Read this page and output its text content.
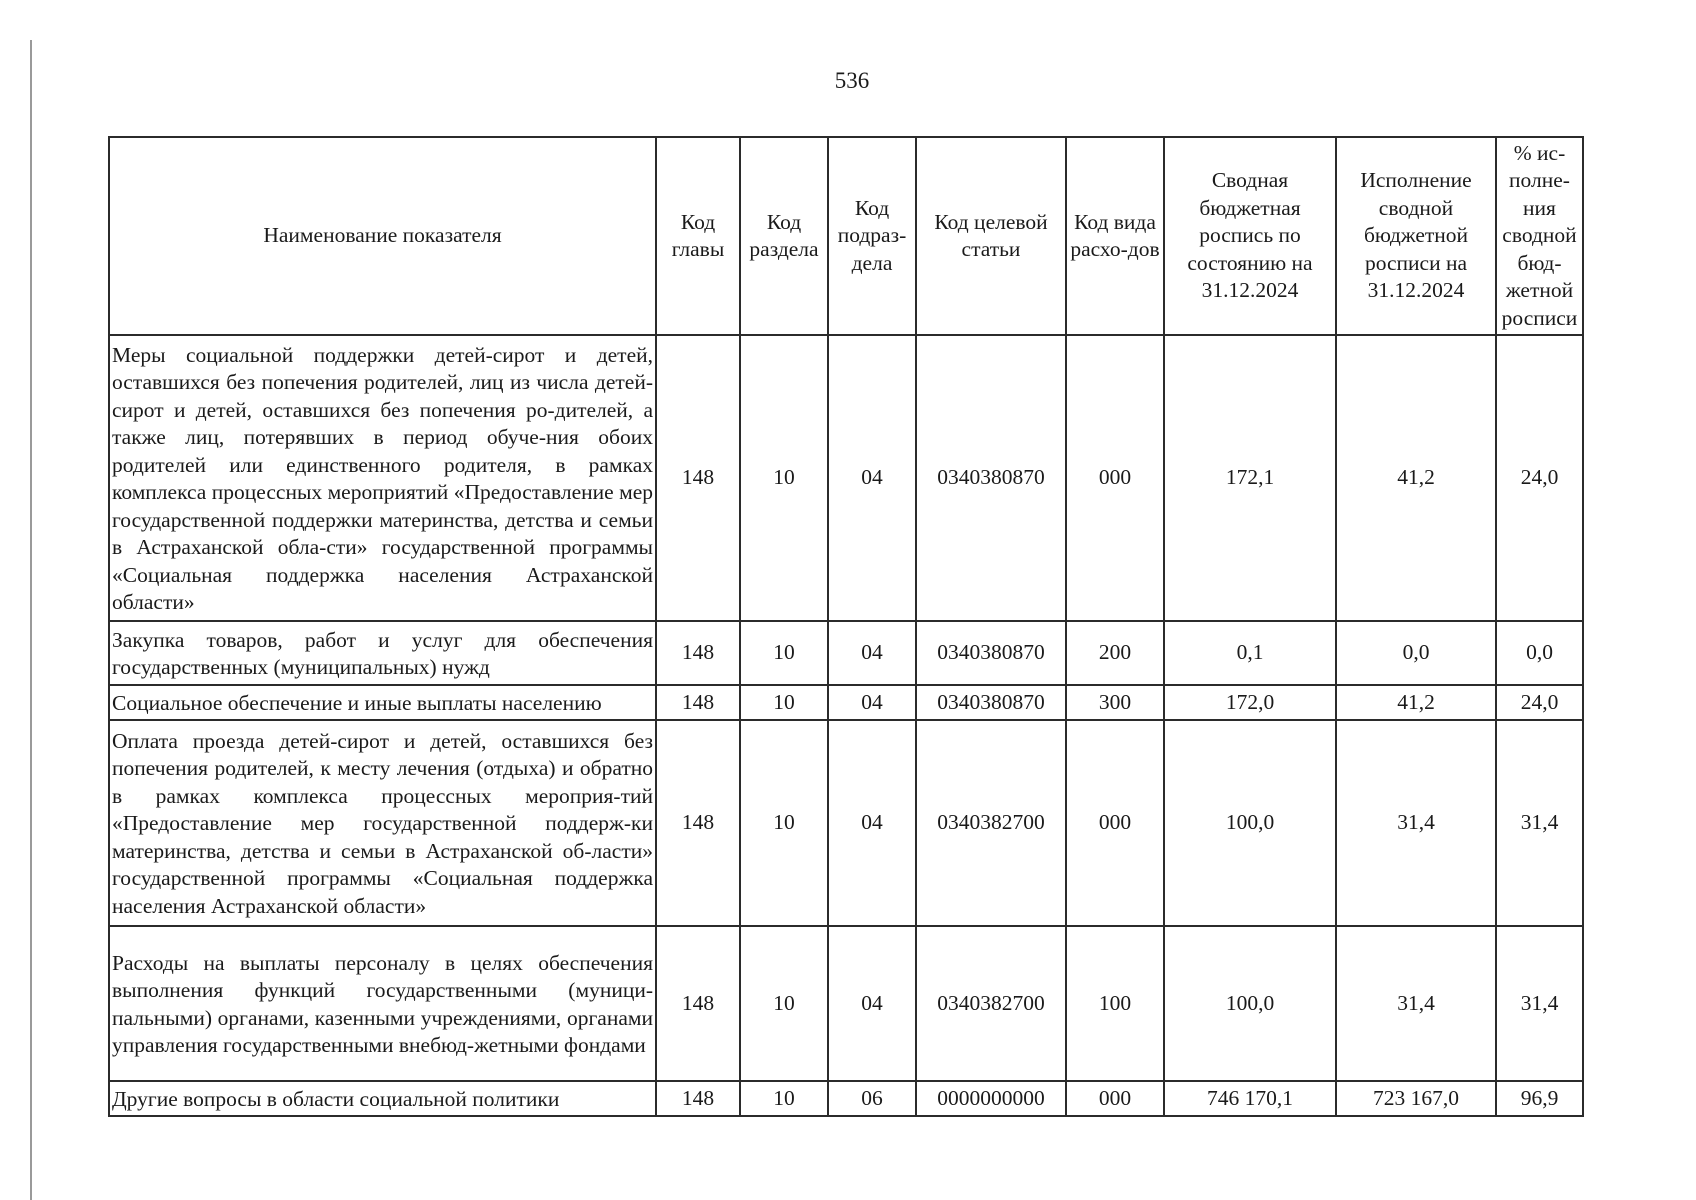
536
Наименование показателя	Код главы	Код раздела	Код подраз-дела	Код целевой статьи	Код вида расхо-дов	Сводная бюджетная роспись по состоянию на 31.12.2024	Исполнение сводной бюджетной росписи на 31.12.2024	% ис-полне-ния сводной бюд-жетной росписи
Меры социальной поддержки детей-сирот и детей, оставшихся без попечения родителей, лиц из числа детей-сирот и детей, оставшихся без попечения ро-дителей, а также лиц, потерявших в период обуче-ния обоих родителей или единственного родителя, в рамках комплекса процессных мероприятий «Предоставление мер государственной поддержки материнства, детства и семьи в Астраханской обла-сти» государственной программы «Социальная поддержка населения Астраханской области»	148	10	04	0340380870	000	172,1	41,2	24,0
Закупка товаров, работ и услуг для обеспечения государственных (муниципальных) нужд	148	10	04	0340380870	200	0,1	0,0	0,0
Социальное обеспечение и иные выплаты населению	148	10	04	0340380870	300	172,0	41,2	24,0
Оплата проезда детей-сирот и детей, оставшихся без попечения родителей, к месту лечения (отдыха) и обратно в рамках комплекса процессных мероприя-тий «Предоставление мер государственной поддерж-ки материнства, детства и семьи в Астраханской об-ласти» государственной программы «Социальная поддержка населения Астраханской области»	148	10	04	0340382700	000	100,0	31,4	31,4
Расходы на выплаты персоналу в целях обеспечения выполнения функций государственными (муници-пальными) органами, казенными учреждениями, органами управления государственными внебюд-жетными фондами	148	10	04	0340382700	100	100,0	31,4	31,4
Другие вопросы в области социальной политики	148	10	06	0000000000	000	746 170,1	723 167,0	96,9
